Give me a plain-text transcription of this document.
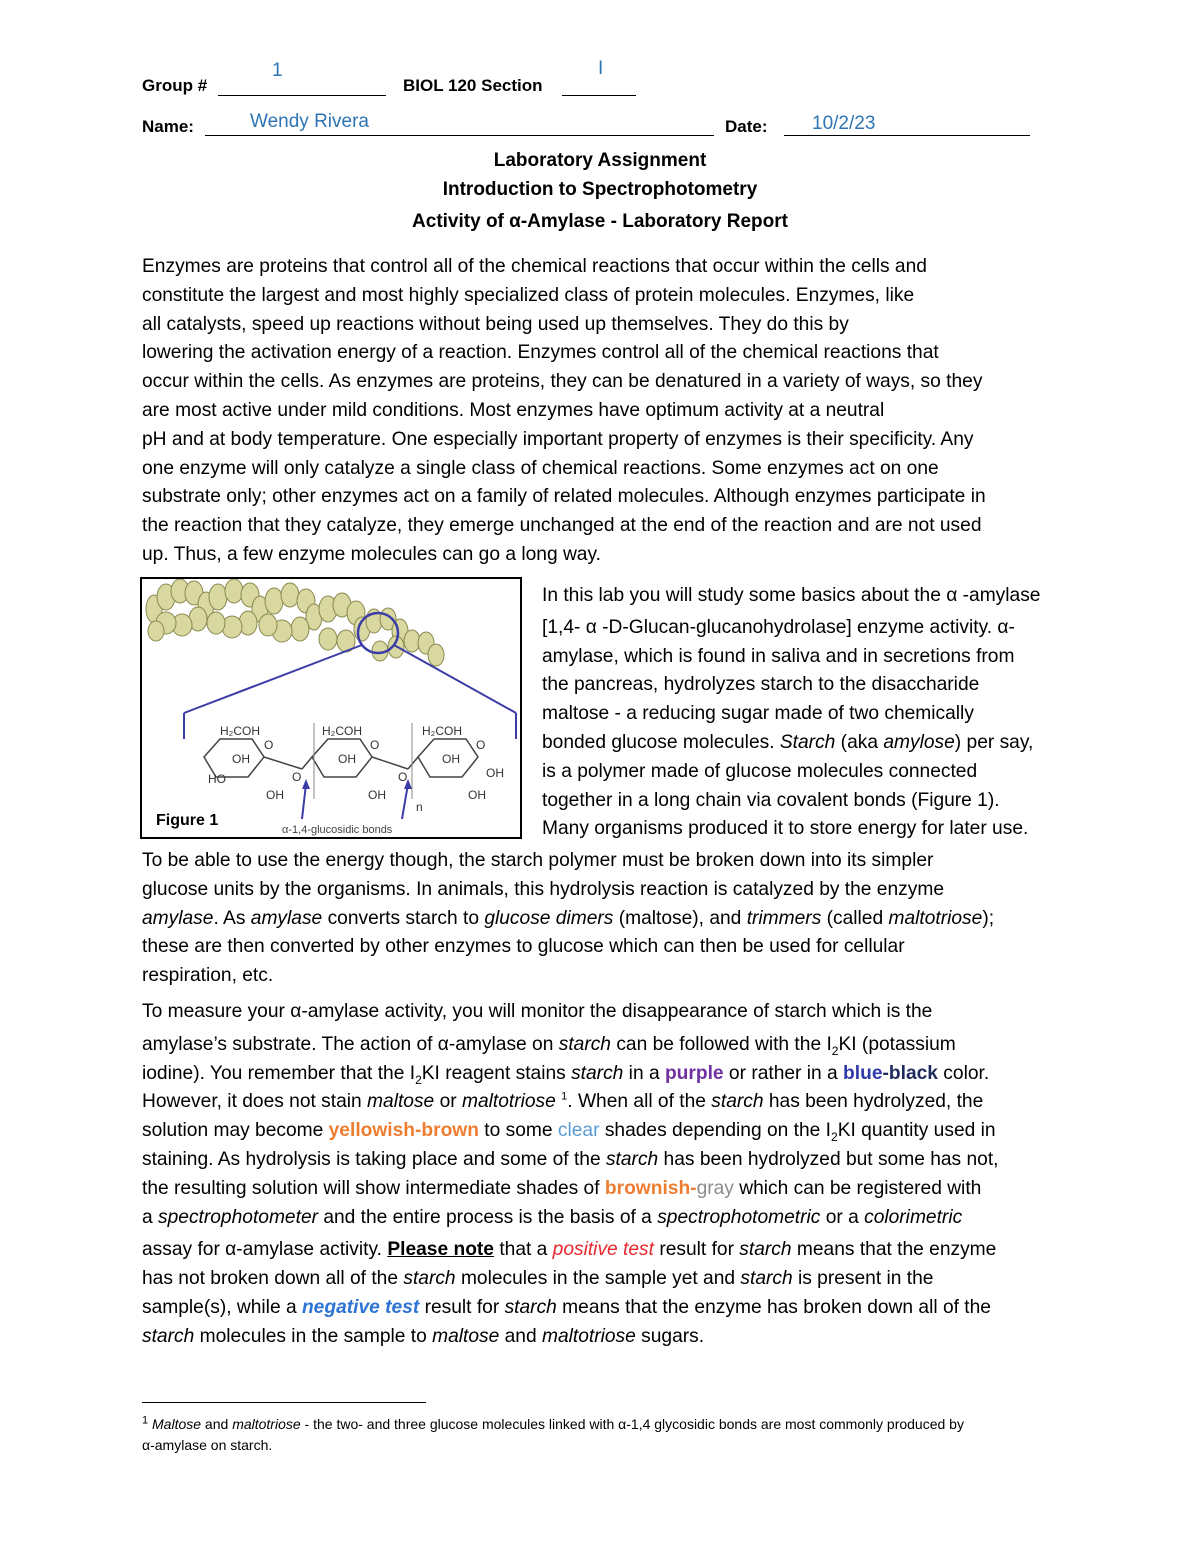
Group #
1
BIOL 120 Section
I
Name:	Wendy Rivera	Date: 10/2/23
Laboratory Assignment
Introduction to Spectrophotometry
Activity of α-Amylase - Laboratory Report
Enzymes are proteins that control all of the chemical reactions that occur within the cells and
constitute the largest and most highly specialized class of protein molecules. Enzymes, like
all catalysts, speed up reactions without being used up themselves. They do this by
lowering the activation energy of a reaction. Enzymes control all of the chemical reactions that
occur within the cells. As enzymes are proteins, they can be denatured in a variety of ways, so they
are most active under mild conditions. Most enzymes have optimum activity at a neutral
pH and at body temperature. One especially important property of enzymes is their specificity. Any
one enzyme will only catalyze a single class of chemical reactions. Some enzymes act on one
substrate only; other enzymes act on a family of related molecules. Although enzymes participate in
the reaction that they catalyze, they emerge unchanged at the end of the reaction and are not used
up. Thus, a few enzyme molecules can go a long way.
H₂COH	H₂COH	H₂COH
O	O	O
OH	OH	OH
HO	O	O	OH
OH	OH	OH
n
α-1,4-glucosidic bonds
Figure 1
In this lab you will study some basics about the α -amylase
[1,4- α -D-Glucan-glucanohydrolase] enzyme activity. α-
amylase, which is found in saliva and in secretions from
the pancreas, hydrolyzes starch to the disaccharide
maltose - a reducing sugar made of two chemically
bonded glucose molecules. Starch (aka amylose) per say,
is a polymer made of glucose molecules connected
together in a long chain via covalent bonds (Figure 1).
Many organisms produced it to store energy for later use.
To be able to use the energy though, the starch polymer must be broken down into its simpler
glucose units by the organisms. In animals, this hydrolysis reaction is catalyzed by the enzyme
amylase. As amylase converts starch to glucose dimers (maltose), and trimmers (called maltotriose);
these are then converted by other enzymes to glucose which can then be used for cellular
respiration, etc.
To measure your α-amylase activity, you will monitor the disappearance of starch which is the
amylase’s substrate. The action of α-amylase on starch can be followed with the $I_2KI$ (potassium
iodine). You remember that the $I_2KI$ reagent stains starch in a purple or rather in a blue-black color.
However, it does not stain maltose or maltotriose $^1$. When all of the starch has been hydrolyzed, the
solution may become yellowish-brown to some clear shades depending on the $I_2KI$ quantity used in
staining. As hydrolysis is taking place and some of the starch has been hydrolyzed but some has not,
the resulting solution will show intermediate shades of brownish-gray which can be registered with
a spectrophotometer and the entire process is the basis of a spectrophotometric or a colorimetric
assay for α-amylase activity. Please note that a positive test result for starch means that the enzyme
has not broken down all of the starch molecules in the sample yet and starch is present in the
sample(s), while a negative test result for starch means that the enzyme has broken down all of the
starch molecules in the sample to maltose and maltotriose sugars.
$^1$ Maltose and maltotriose - the two- and three glucose molecules linked with α-1,4 glycosidic bonds are most commonly produced by
α-amylase on starch.
